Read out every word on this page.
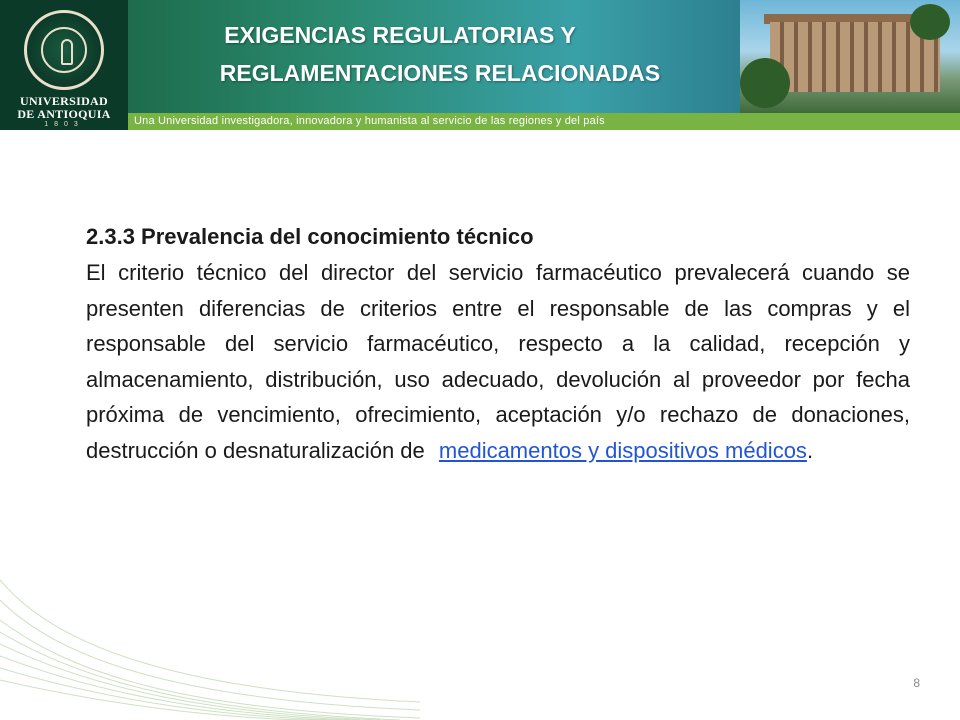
UNIVERSIDAD
DE ANTIOQUIA
1803
EXIGENCIAS REGULATORIAS Y
REGLAMENTACIONES RELACIONADAS
Una Universidad investigadora, innovadora y humanista al servicio de las regiones y del país

2.3.3 Prevalencia del conocimiento técnico

El criterio técnico del director del servicio farmacéutico prevalecerá cuando se presenten diferencias de criterios entre el responsable de las compras y el responsable del servicio farmacéutico, respecto a la calidad, recepción y almacenamiento, distribución, uso adecuado, devolución al proveedor por fecha próxima de vencimiento, ofrecimiento, aceptación y/o rechazo de donaciones, destrucción o desnaturalización de medicamentos y dispositivos médicos.

8
